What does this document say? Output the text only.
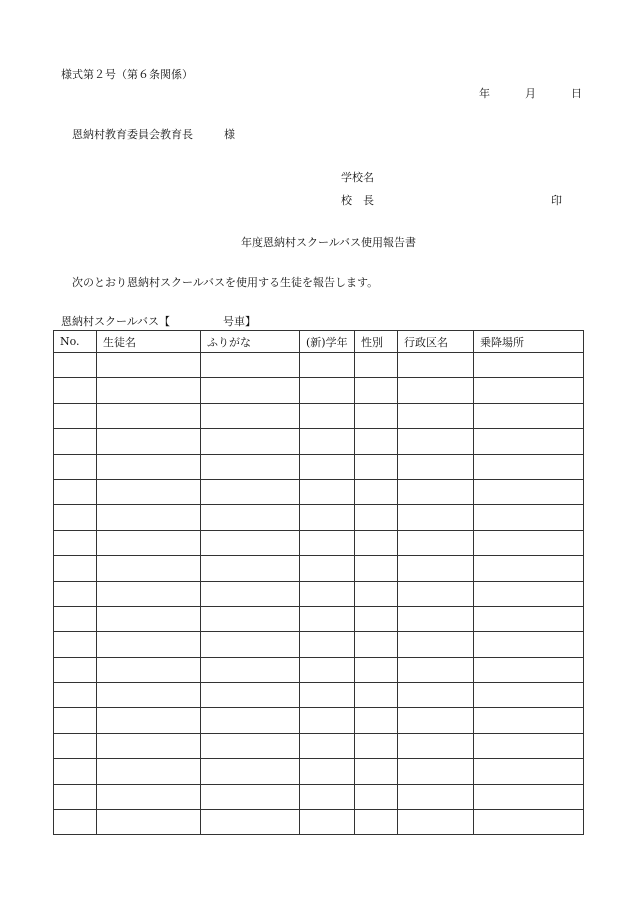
様式第２号（第６条関係）
年	月	日
恩納村教育委員会教育長	様
学校名
校　長	印
年度恩納村スクールバス使用報告書
次のとおり恩納村スクールバスを使用する生徒を報告します。
恩納村スクールバス【	号車】
No.	生徒名	ふりがな	(新)学年	性別	行政区名	乗降場所
